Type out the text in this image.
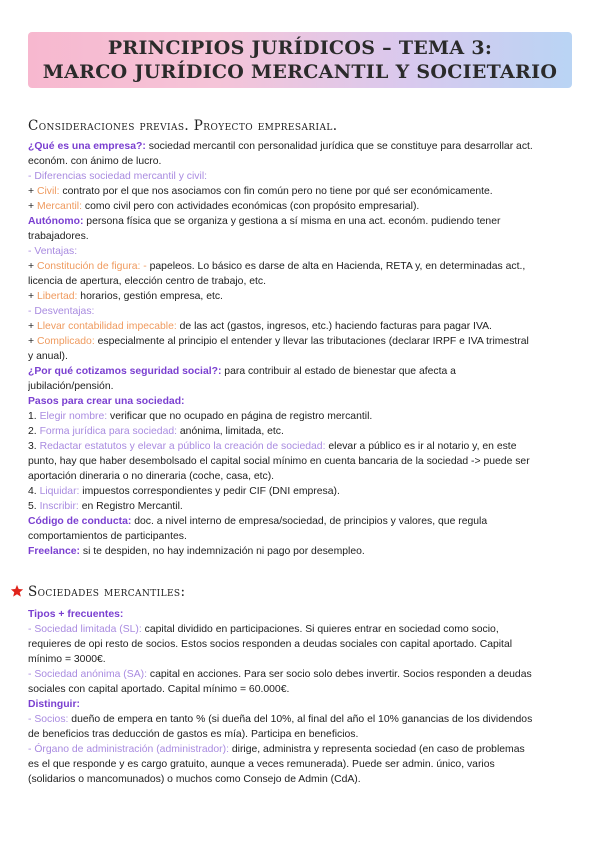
PRINCIPIOS JURÍDICOS – TEMA 3:
MARCO JURÍDICO MERCANTIL Y SOCIETARIO
Consideraciones previas. Proyecto empresarial.
¿Qué es una empresa?: sociedad mercantil con personalidad jurídica que se constituye para desarrollar act.
económ. con ánimo de lucro.
- Diferencias sociedad mercantil y civil:
+ Civil: contrato por el que nos asociamos con fin común pero no tiene por qué ser económicamente.
+ Mercantil: como civil pero con actividades económicas (con propósito empresarial).
Autónomo: persona física que se organiza y gestiona a sí misma en una act. económ. pudiendo tener
trabajadores.
- Ventajas:
+ Constitución de figura: - papeleos. Lo básico es darse de alta en Hacienda, RETA y, en determinadas act.,
licencia de apertura, elección centro de trabajo, etc.
+ Libertad: horarios, gestión empresa, etc.
- Desventajas:
+ Llevar contabilidad impecable: de las act (gastos, ingresos, etc.) haciendo facturas para pagar IVA.
+ Complicado: especialmente al principio el entender y llevar las tributaciones (declarar IRPF e IVA trimestral
y anual).
¿Por qué cotizamos seguridad social?: para contribuir al estado de bienestar que afecta a
jubilación/pensión.
Pasos para crear una sociedad:
1. Elegir nombre: verificar que no ocupado en página de registro mercantil.
2. Forma jurídica para sociedad: anónima, limitada, etc.
3. Redactar estatutos y elevar a público la creación de sociedad: elevar a público es ir al notario y, en este
punto, hay que haber desembolsado el capital social mínimo en cuenta bancaria de la sociedad -> puede ser
aportación dineraria o no dineraria (coche, casa, etc).
4. Liquidar: impuestos correspondientes y pedir CIF (DNI empresa).
5. Inscribir: en Registro Mercantil.
Código de conducta: doc. a nivel interno de empresa/sociedad, de principios y valores, que regula
comportamientos de participantes.
Freelance: si te despiden, no hay indemnización ni pago por desempleo.
Sociedades mercantiles:
Tipos + frecuentes:
- Sociedad limitada (SL): capital dividido en participaciones. Si quieres entrar en sociedad como socio,
requieres de opi resto de socios. Estos socios responden a deudas sociales con capital aportado. Capital
mínimo = 3000€.
- Sociedad anónima (SA): capital en acciones. Para ser socio solo debes invertir. Socios responden a deudas
sociales con capital aportado. Capital mínimo = 60.000€.
Distinguir:
- Socios: dueño de empera en tanto % (si dueña del 10%, al final del año el 10% ganancias de los dividendos
de beneficios tras deducción de gastos es mía). Participa en beneficios.
- Órgano de administración (administrador): dirige, administra y representa sociedad (en caso de problemas
es el que responde y es cargo gratuito, aunque a veces remunerada). Puede ser admin. único, varios
(solidarios o mancomunados) o muchos como Consejo de Admin (CdA).
